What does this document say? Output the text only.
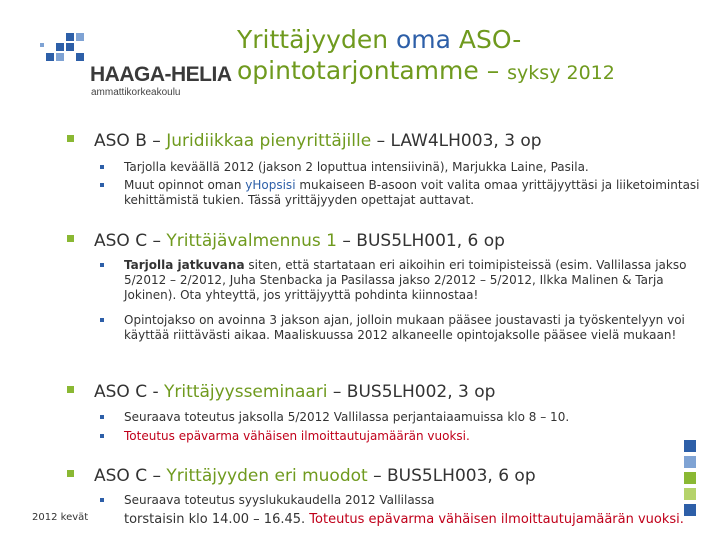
HAAGA-HELIA
ammattikorkeakoulu
Yrittäjyyden oma ASO-
opintotarjontamme – syksy 2012
ASO B – Juridiikkaa pienyrittäjille – LAW4LH003, 3 op
Tarjolla keväällä 2012 (jakson 2 loputtua intensiivinä), Marjukka Laine, Pasila.
Muut opinnot oman yHopsisi mukaiseen B-asoon voit valita omaa yrittäjyyttäsi ja liiketoimintasi kehittämistä tukien. Tässä yrittäjyyden opettajat auttavat.
ASO C – Yrittäjävalmennus 1 – BUS5LH001, 6 op
Tarjolla jatkuvana siten, että startataan eri aikoihin eri toimipisteissä (esim. Vallilassa jakso 5/2012 – 2/2012, Juha Stenbacka ja Pasilassa jakso 2/2012 – 5/2012, Ilkka Malinen & Tarja Jokinen). Ota yhteyttä, jos yrittäjyyttä pohdinta kiinnostaa!
Opintojakso on avoinna 3 jakson ajan, jolloin mukaan pääsee joustavasti ja työskentelyyn voi käyttää riittävästi aikaa. Maaliskuussa 2012 alkaneelle opintojaksolle pääsee vielä mukaan!
ASO C - Yrittäjyysseminaari – BUS5LH002, 3 op
Seuraava toteutus jaksolla 5/2012 Vallilassa perjantaiaamuissa klo 8 – 10.
Toteutus epävarma vähäisen ilmoittautujamäärän vuoksi.
ASO C – Yrittäjyyden eri muodot – BUS5LH003, 6 op
Seuraava toteutus syyslukukaudella 2012 Vallilassa
torstaisin klo 14.00 – 16.45. Toteutus epävarma vähäisen ilmoittautujamäärän vuoksi.
2012 kevät
